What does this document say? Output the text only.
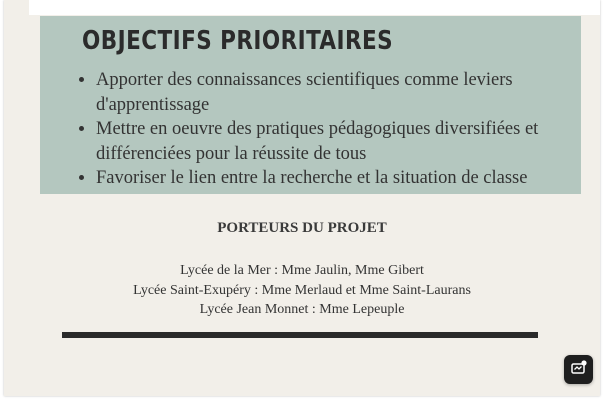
OBJECTIFS PRIORITAIRES
• Apporter des connaissances scientifiques comme leviers d'apprentissage
• Mettre en oeuvre des pratiques pédagogiques diversifiées et différenciées pour la réussite de tous
• Favoriser le lien entre la recherche et la situation de classe
PORTEURS DU PROJET
Lycée de la Mer : Mme Jaulin, Mme Gibert
Lycée Saint-Exupéry : Mme Merlaud et Mme Saint-Laurans
Lycée Jean Monnet : Mme Lepeuple
